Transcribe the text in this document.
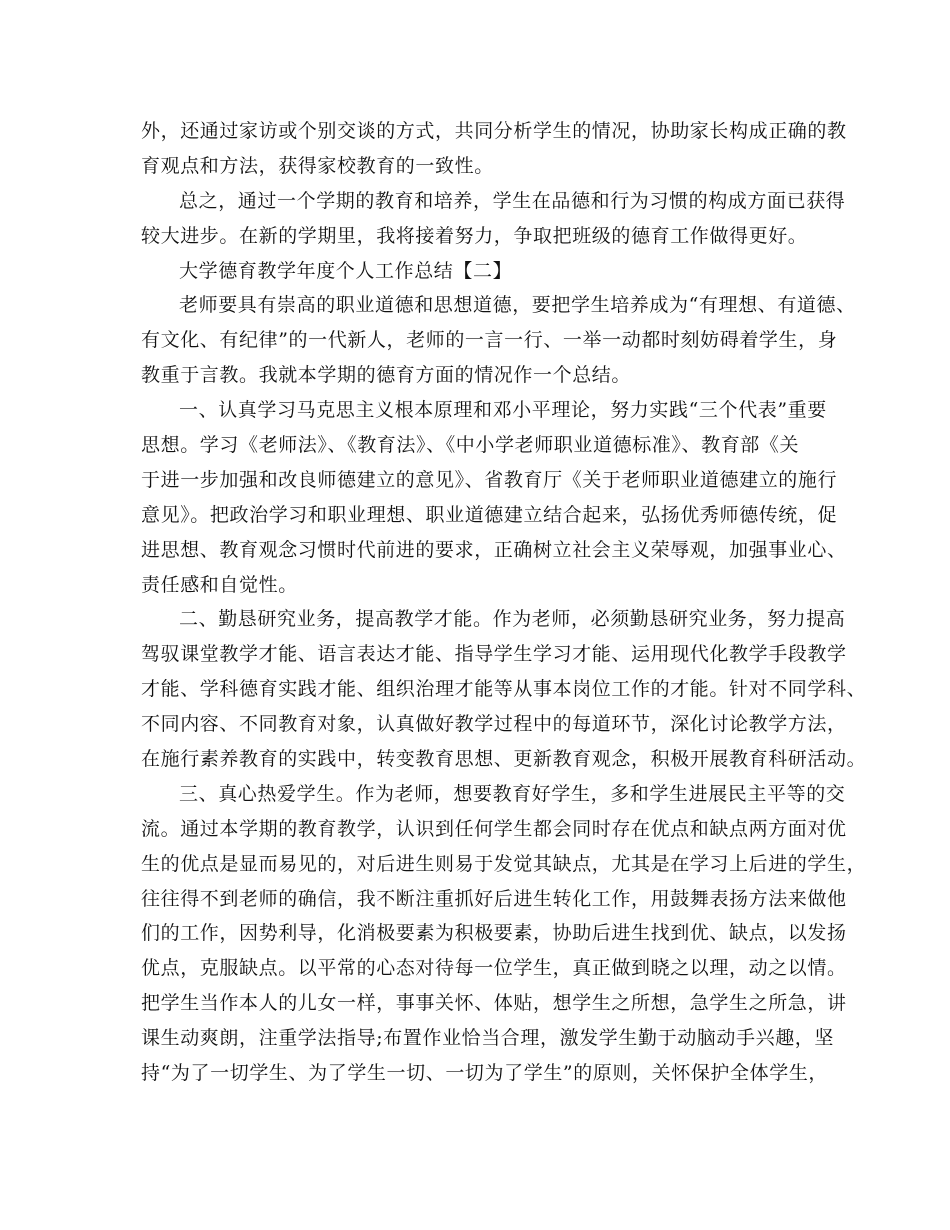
外，还通过家访或个别交谈的方式，共同分析学生的情况，协助家长构成正确的教
育观点和方法，获得家校教育的一致性。
总之，通过一个学期的教育和培养，学生在品德和行为习惯的构成方面已获得
较大进步。在新的学期里，我将接着努力，争取把班级的德育工作做得更好。
大学德育教学年度个人工作总结【二】
老师要具有崇高的职业道德和思想道德，要把学生培养成为“有理想、有道德、
有文化、有纪律”的一代新人，老师的一言一行、一举一动都时刻妨碍着学生，身
教重于言教。我就本学期的德育方面的情况作一个总结。
一、认真学习马克思主义根本原理和邓小平理论，努力实践“三个代表”重要
思想。学习《老师法》、《教育法》、《中小学老师职业道德标准》、教育部《关
于进一步加强和改良师德建立的意见》、省教育厅《关于老师职业道德建立的施行
意见》。把政治学习和职业理想、职业道德建立结合起来，弘扬优秀师德传统，促
进思想、教育观念习惯时代前进的要求，正确树立社会主义荣辱观，加强事业心、
责任感和自觉性。
二、勤恳研究业务，提高教学才能。作为老师，必须勤恳研究业务，努力提高
驾驭课堂教学才能、语言表达才能、指导学生学习才能、运用现代化教学手段教学
才能、学科德育实践才能、组织治理才能等从事本岗位工作的才能。针对不同学科、
不同内容、不同教育对象，认真做好教学过程中的每道环节，深化讨论教学方法，
在施行素养教育的实践中，转变教育思想、更新教育观念，积极开展教育科研活动。
三、真心热爱学生。作为老师，想要教育好学生，多和学生进展民主平等的交
流。通过本学期的教育教学，认识到任何学生都会同时存在优点和缺点两方面对优
生的优点是显而易见的，对后进生则易于发觉其缺点，尤其是在学习上后进的学生，
往往得不到老师的确信，我不断注重抓好后进生转化工作，用鼓舞表扬方法来做他
们的工作，因势利导，化消极要素为积极要素，协助后进生找到优、缺点，以发扬
优点，克服缺点。以平常的心态对待每一位学生，真正做到晓之以理，动之以情。
把学生当作本人的儿女一样，事事关怀、体贴，想学生之所想，急学生之所急，讲
课生动爽朗，注重学法指导;布置作业恰当合理，激发学生勤于动脑动手兴趣，坚
持“为了一切学生、为了学生一切、一切为了学生”的原则，关怀保护全体学生，
